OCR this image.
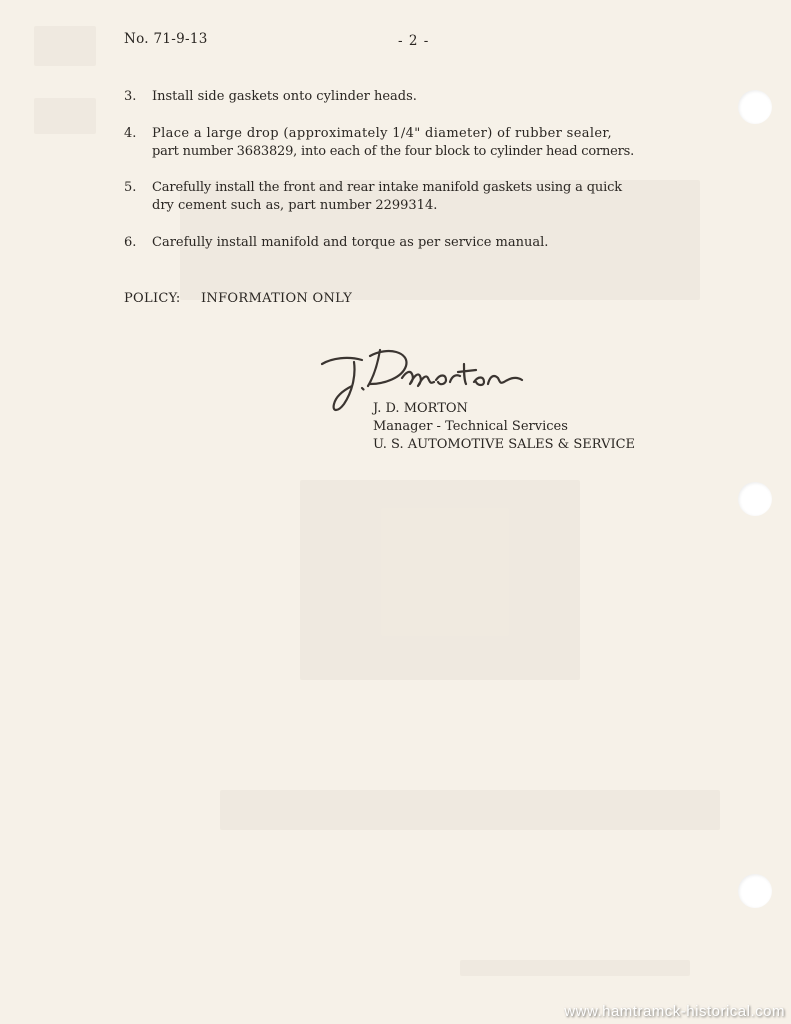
No. 71-9-13	- 2 -
3.	Install side gaskets onto cylinder heads.
4.	Place a large drop (approximately 1/4" diameter) of rubber sealer,
part number 3683829, into each of the four block to cylinder head corners.
5.	Carefully install the front and rear intake manifold gaskets using a quick
dry cement such as, part number 2299314.
6.	Carefully install manifold and torque as per service manual.
POLICY: INFORMATION ONLY
J. D. MORTON
Manager - Technical Services
U. S. AUTOMOTIVE SALES & SERVICE
www.hamtramck-historical.com
